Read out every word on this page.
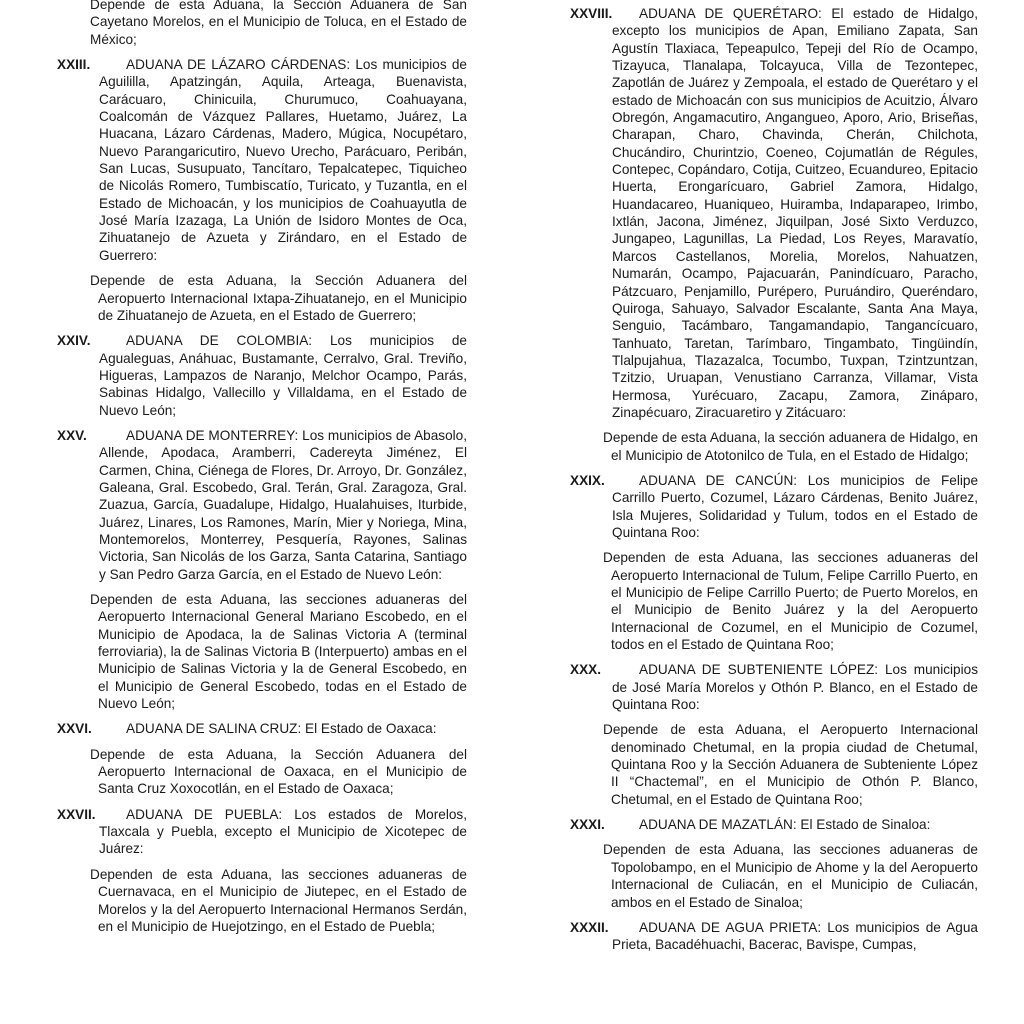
Depende de esta Aduana, la Sección Aduanera de San Cayetano Morelos, en el Municipio de Toluca, en el Estado de México;
XXIII.	ADUANA DE LÁZARO CÁRDENAS: Los municipios de Aguililla, Apatzingán, Aquila, Arteaga, Buenavista, Carácuaro, Chinicuila, Churumuco, Coahuayana, Coalcomán de Vázquez Pallares, Huetamo, Juárez, La Huacana, Lázaro Cárdenas, Madero, Múgica, Nocupétaro, Nuevo Parangaricutiro, Nuevo Urecho, Parácuaro, Peribán, San Lucas, Susupuato, Tancítaro, Tepalcatepec, Tiquicheo de Nicolás Romero, Tumbiscatío, Turicato, y Tuzantla, en el Estado de Michoacán, y los municipios de Coahuayutla de José María Izazaga, La Unión de Isidoro Montes de Oca, Zihuatanejo de Azueta y Zirándaro, en el Estado de Guerrero:
Depende de esta Aduana, la Sección Aduanera del Aeropuerto Internacional Ixtapa-Zihuatanejo, en el Municipio de Zihuatanejo de Azueta, en el Estado de Guerrero;
XXIV.	ADUANA DE COLOMBIA: Los municipios de Agualeguas, Anáhuac, Bustamante, Cerralvo, Gral. Treviño, Higueras, Lampazos de Naranjo, Melchor Ocampo, Parás, Sabinas Hidalgo, Vallecillo y Villaldama, en el Estado de Nuevo León;
XXV.	ADUANA DE MONTERREY: Los municipios de Abasolo, Allende, Apodaca, Aramberri, Cadereyta Jiménez, El Carmen, China, Ciénega de Flores, Dr. Arroyo, Dr. González, Galeana, Gral. Escobedo, Gral. Terán, Gral. Zaragoza, Gral. Zuazua, García, Guadalupe, Hidalgo, Hualahuises, Iturbide, Juárez, Linares, Los Ramones, Marín, Mier y Noriega, Mina, Montemorelos, Monterrey, Pesquería, Rayones, Salinas Victoria, San Nicolás de los Garza, Santa Catarina, Santiago y San Pedro Garza García, en el Estado de Nuevo León:
Dependen de esta Aduana, las secciones aduaneras del Aeropuerto Internacional General Mariano Escobedo, en el Municipio de Apodaca, la de Salinas Victoria A (terminal ferroviaria), la de Salinas Victoria B (Interpuerto) ambas en el Municipio de Salinas Victoria y la de General Escobedo, en el Municipio de General Escobedo, todas en el Estado de Nuevo León;
XXVI.	ADUANA DE SALINA CRUZ: El Estado de Oaxaca:
Depende de esta Aduana, la Sección Aduanera del Aeropuerto Internacional de Oaxaca, en el Municipio de Santa Cruz Xoxocotlán, en el Estado de Oaxaca;
XXVII.	ADUANA DE PUEBLA: Los estados de Morelos, Tlaxcala y Puebla, excepto el Municipio de Xicotepec de Juárez:
Dependen de esta Aduana, las secciones aduaneras de Cuernavaca, en el Municipio de Jiutepec, en el Estado de Morelos y la del Aeropuerto Internacional Hermanos Serdán, en el Municipio de Huejotzingo, en el Estado de Puebla;
XXVIII.	ADUANA DE QUERÉTARO: El estado de Hidalgo, excepto los municipios de Apan, Emiliano Zapata, San Agustín Tlaxiaca, Tepeapulco, Tepeji del Río de Ocampo, Tizayuca, Tlanalapa, Tolcayuca, Villa de Tezontepec, Zapotlán de Juárez y Zempoala, el estado de Querétaro y el estado de Michoacán con sus municipios de Acuitzio, Álvaro Obregón, Angamacutiro, Angangueo, Aporo, Ario, Briseñas, Charapan, Charo, Chavinda, Cherán, Chilchota, Chucándiro, Churintzio, Coeneo, Cojumatlán de Régules, Contepec, Copándaro, Cotija, Cuitzeo, Ecuandureo, Epitacio Huerta, Erongarícuaro, Gabriel Zamora, Hidalgo, Huandacareo, Huaniqueo, Huiramba, Indaparapeo, Irimbo, Ixtlán, Jacona, Jiménez, Jiquilpan, José Sixto Verduzco, Jungapeo, Lagunillas, La Piedad, Los Reyes, Maravatío, Marcos Castellanos, Morelia, Morelos, Nahuatzen, Numarán, Ocampo, Pajacuarán, Panindícuaro, Paracho, Pátzcuaro, Penjamillo, Purépero, Puruándiro, Queréndaro, Quiroga, Sahuayo, Salvador Escalante, Santa Ana Maya, Senguio, Tacámbaro, Tangamandapio, Tangancícuaro, Tanhuato, Taretan, Tarímbaro, Tingambato, Tingüindín, Tlalpujahua, Tlazazalca, Tocumbo, Tuxpan, Tzintzuntzan, Tzitzio, Uruapan, Venustiano Carranza, Villamar, Vista Hermosa, Yurécuaro, Zacapu, Zamora, Zináparo, Zinapécuaro, Ziracuaretiro y Zitácuaro:
Depende de esta Aduana, la sección aduanera de Hidalgo, en el Municipio de Atotonilco de Tula, en el Estado de Hidalgo;
XXIX.	ADUANA DE CANCÚN: Los municipios de Felipe Carrillo Puerto, Cozumel, Lázaro Cárdenas, Benito Juárez, Isla Mujeres, Solidaridad y Tulum, todos en el Estado de Quintana Roo:
Dependen de esta Aduana, las secciones aduaneras del Aeropuerto Internacional de Tulum, Felipe Carrillo Puerto, en el Municipio de Felipe Carrillo Puerto; de Puerto Morelos, en el Municipio de Benito Juárez y la del Aeropuerto Internacional de Cozumel, en el Municipio de Cozumel, todos en el Estado de Quintana Roo;
XXX.	ADUANA DE SUBTENIENTE LÓPEZ: Los municipios de José María Morelos y Othón P. Blanco, en el Estado de Quintana Roo:
Depende de esta Aduana, el Aeropuerto Internacional denominado Chetumal, en la propia ciudad de Chetumal, Quintana Roo y la Sección Aduanera de Subteniente López II “Chactemal”, en el Municipio de Othón P. Blanco, Chetumal, en el Estado de Quintana Roo;
XXXI.	ADUANA DE MAZATLÁN: El Estado de Sinaloa:
Dependen de esta Aduana, las secciones aduaneras de Topolobampo, en el Municipio de Ahome y la del Aeropuerto Internacional de Culiacán, en el Municipio de Culiacán, ambos en el Estado de Sinaloa;
XXXII.	ADUANA DE AGUA PRIETA: Los municipios de Agua Prieta, Bacadéhuachi, Bacerac, Bavispe, Cumpas,
